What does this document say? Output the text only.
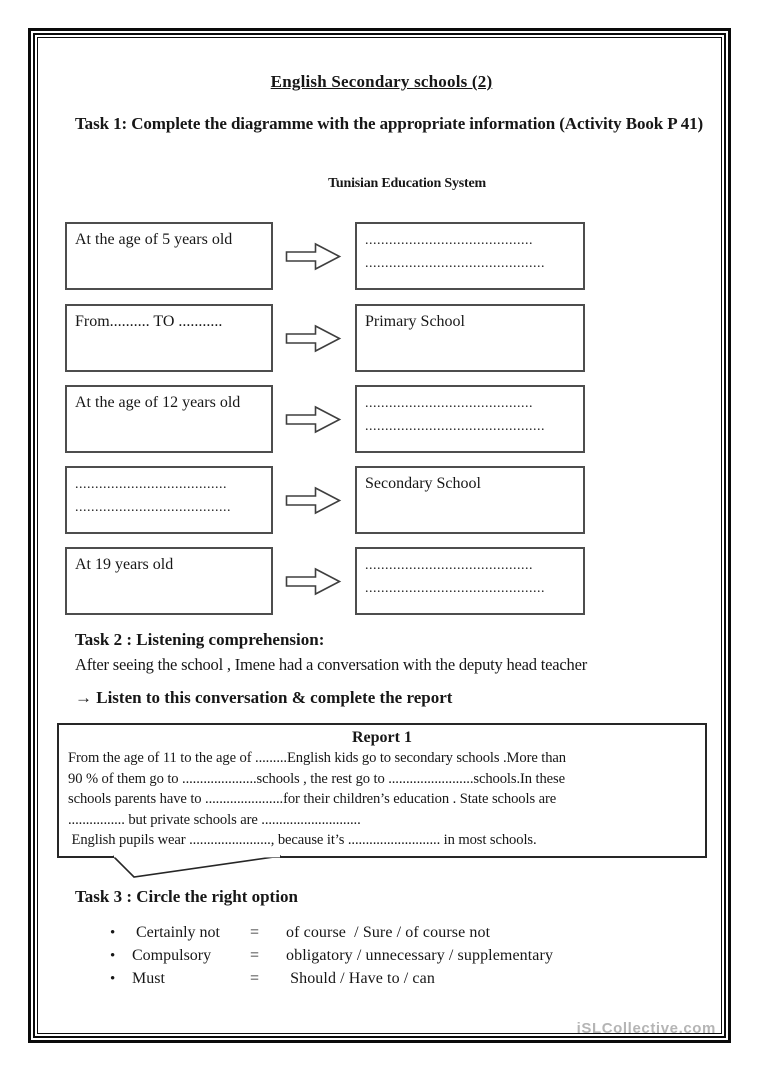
English Secondary schools (2)
Task 1: Complete the diagramme with the appropriate information (Activity Book P 41)
Tunisian Education System
At the age of 5 years old	..........................................
.............................................
From.......... TO ...........	Primary School
At the age of 12 years old	..........................................
.............................................
......................................
.......................................
Secondary School
At 19 years old	..........................................
.............................................
Task 2 : Listening comprehension:
After seeing the school , Imene had a conversation with the deputy head teacher
→ Listen to this conversation & complete the report
Report 1
From the age of 11 to the age of .........English kids go to secondary schools .More than
90 % of them go to .....................schools , the rest go to ........................schools.In these
schools parents have to ......................for their children’s education . State schools are
................ but private schools are ............................
English pupils wear ......................., because it’s .......................... in most schools.
Task 3 : Circle the right option
•	Certainly not	=	of course  / Sure / of course not
•	Compulsory	=	obligatory / unnecessary / supplementary
•	Must	=	Should / Have to / can
iSLCollective.com
